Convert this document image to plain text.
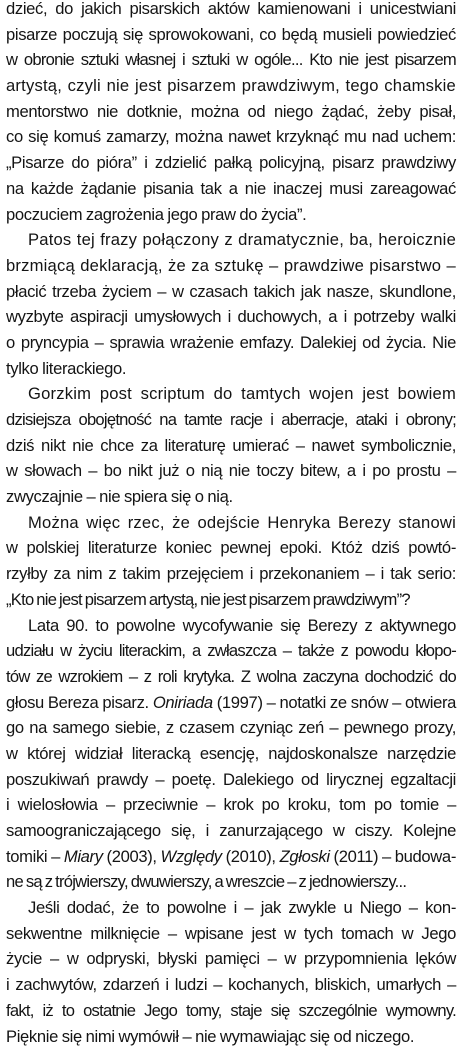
dzieć, do jakich pisarskich aktów kamienowani i unicestwiani
pisarze poczują się sprowokowani, co będą musieli powiedzieć
w obronie sztuki własnej i sztuki w ogóle... Kto nie jest pisarzem
artystą, czyli nie jest pisarzem prawdziwym, tego chamskie
mentorstwo nie dotknie, można od niego żądać, żeby pisał,
co się komuś zamarzy, można nawet krzyknąć mu nad uchem:
„Pisarze do pióra” i zdzielić pałką policyjną, pisarz prawdziwy
na każde żądanie pisania tak a nie inaczej musi zareagować
poczuciem zagrożenia jego praw do życia”.
Patos tej frazy połączony z dramatycznie, ba, heroicznie
brzmiącą deklaracją, że za sztukę – prawdziwe pisarstwo –
płacić trzeba życiem – w czasach takich jak nasze, skundlone,
wyzbyte aspiracji umysłowych i duchowych, a i potrzeby walki
o pryncypia – sprawia wrażenie emfazy. Dalekiej od życia. Nie
tylko literackiego.
Gorzkim post scriptum do tamtych wojen jest bowiem
dzisiejsza obojętność na tamte racje i aberracje, ataki i obrony;
dziś nikt nie chce za literaturę umierać – nawet symbolicznie,
w słowach – bo nikt już o nią nie toczy bitew, a i po prostu –
zwyczajnie – nie spiera się o nią.
Można więc rzec, że odejście Henryka Berezy stanowi
w polskiej literaturze koniec pewnej epoki. Któż dziś powtó-
rzyłby za nim z takim przejęciem i przekonaniem – i tak serio:
„Kto nie jest pisarzem artystą, nie jest pisarzem prawdziwym”?
Lata 90. to powolne wycofywanie się Berezy z aktywnego
udziału w życiu literackim, a zwłaszcza – także z powodu kłopo-
tów ze wzrokiem – z roli krytyka. Z wolna zaczyna dochodzić do
głosu Bereza pisarz. Oniriada (1997) – notatki ze snów – otwiera
go na samego siebie, z czasem czyniąc zeń – pewnego prozy,
w której widział literacką esencję, najdoskonalsze narzędzie
poszukiwań prawdy – poetę. Dalekiego od lirycznej egzaltacji
i wielosłowia – przeciwnie – krok po kroku, tom po tomie –
samoograniczającego się, i zanurzającego w ciszy. Kolejne
tomiki – Miary (2003), Względy (2010), Zgłoski (2011) – budowa-
ne są z trójwierszy, dwuwierszy, a wreszcie – z jednowierszy...
Jeśli dodać, że to powolne i – jak zwykle u Niego – kon-
sekwentne milknięcie – wpisane jest w tych tomach w Jego
życie – w odpryski, błyski pamięci – w przypomnienia lęków
i zachwytów, zdarzeń i ludzi – kochanych, bliskich, umarłych –
fakt, iż to ostatnie Jego tomy, staje się szczególnie wymowny.
Pięknie się nimi wymówił – nie wymawiając się od niczego.
